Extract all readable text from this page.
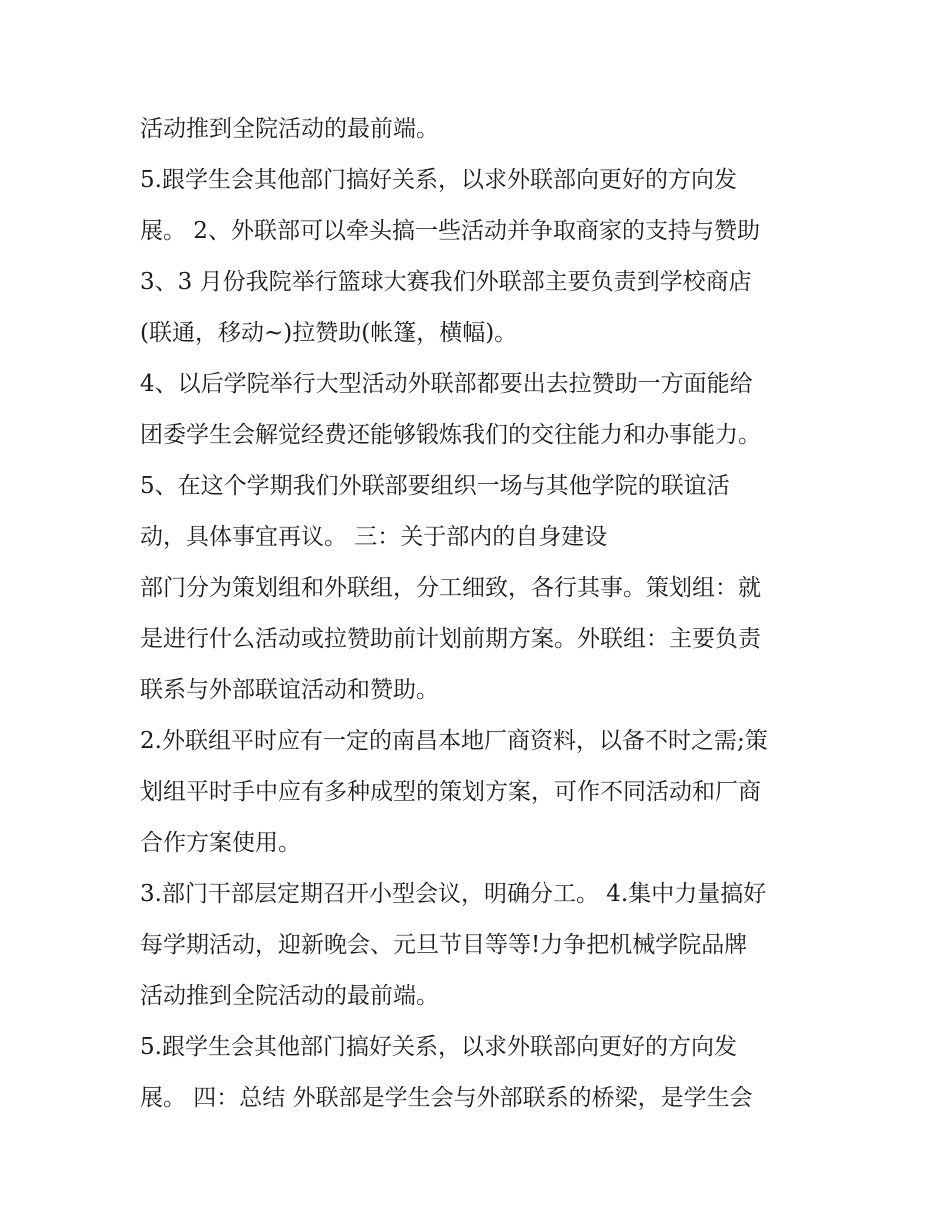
活动推到全院活动的最前端。
5.跟学生会其他部门搞好关系，以求外联部向更好的方向发
展。 2、外联部可以牵头搞一些活动并争取商家的支持与赞助
3、3 月份我院举行篮球大赛我们外联部主要负责到学校商店
(联通，移动~)拉赞助(帐篷，横幅)。
4、以后学院举行大型活动外联部都要出去拉赞助一方面能给
团委学生会解觉经费还能够锻炼我们的交往能力和办事能力。
5、在这个学期我们外联部要组织一场与其他学院的联谊活
动，具体事宜再议。 三：关于部内的自身建设
部门分为策划组和外联组，分工细致，各行其事。策划组：就
是进行什么活动或拉赞助前计划前期方案。外联组：主要负责
联系与外部联谊活动和赞助。
2.外联组平时应有一定的南昌本地厂商资料，以备不时之需;策
划组平时手中应有多种成型的策划方案，可作不同活动和厂商
合作方案使用。
3.部门干部层定期召开小型会议，明确分工。 4.集中力量搞好
每学期活动，迎新晚会、元旦节目等等!力争把机械学院品牌
活动推到全院活动的最前端。
5.跟学生会其他部门搞好关系，以求外联部向更好的方向发
展。 四：总结 外联部是学生会与外部联系的桥梁，是学生会
